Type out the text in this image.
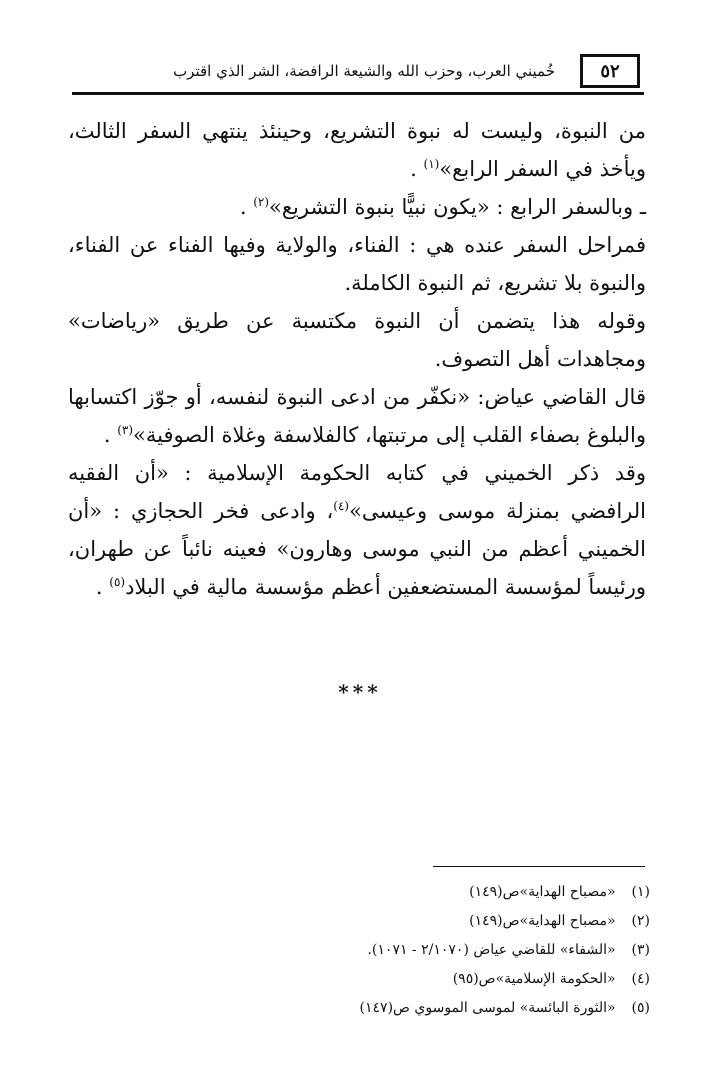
٥٢
خُميني العرب، وحزب الله والشيعة الرافضة، الشر الذي اقترب

من النبوة، وليست له نبوة التشريع، وحينئذ ينتهي السفر الثالث، ويأخذ في السفر الرابع»$^{(١)}$ .

ـ وبالسفر الرابع : «يكون نبيًّا بنبوة التشريع»$^{(٢)}$ .

فمراحل السفر عنده هي : الفناء، والولاية وفيها الفناء عن الفناء، والنبوة بلا تشريع، ثم النبوة الكاملة.

وقوله هذا يتضمن أن النبوة مكتسبة عن طريق «رياضات» ومجاهدات أهل التصوف.

قال القاضي عياض: «نكفّر من ادعى النبوة لنفسه، أو جوّز اكتسابها والبلوغ بصفاء القلب إلى مرتبتها، كالفلاسفة وغلاة الصوفية»$^{(٣)}$ .

وقد ذكر الخميني في كتابه الحكومة الإسلامية : «أن الفقيه الرافضي بمنزلة موسى وعيسى»$^{(٤)}$، وادعى فخر الحجازي : «أن الخميني أعظم من النبي موسى وهارون» فعينه نائباً عن طهران، ورئيساً لمؤسسة المستضعفين أعظم مؤسسة مالية في البلاد$^{(٥)}$ .

***
(١) «مصباح الهداية»ص(١٤٩)
(٢) «مصباح الهداية»ص(١٤٩)
(٣) «الشفاء» للقاضي عياض (٢/١٠٧٠ - ١٠٧١).
(٤) «الحكومة الإسلامية»ص(٩٥)
(٥) «الثورة البائسة» لموسى الموسوي ص(١٤٧)
